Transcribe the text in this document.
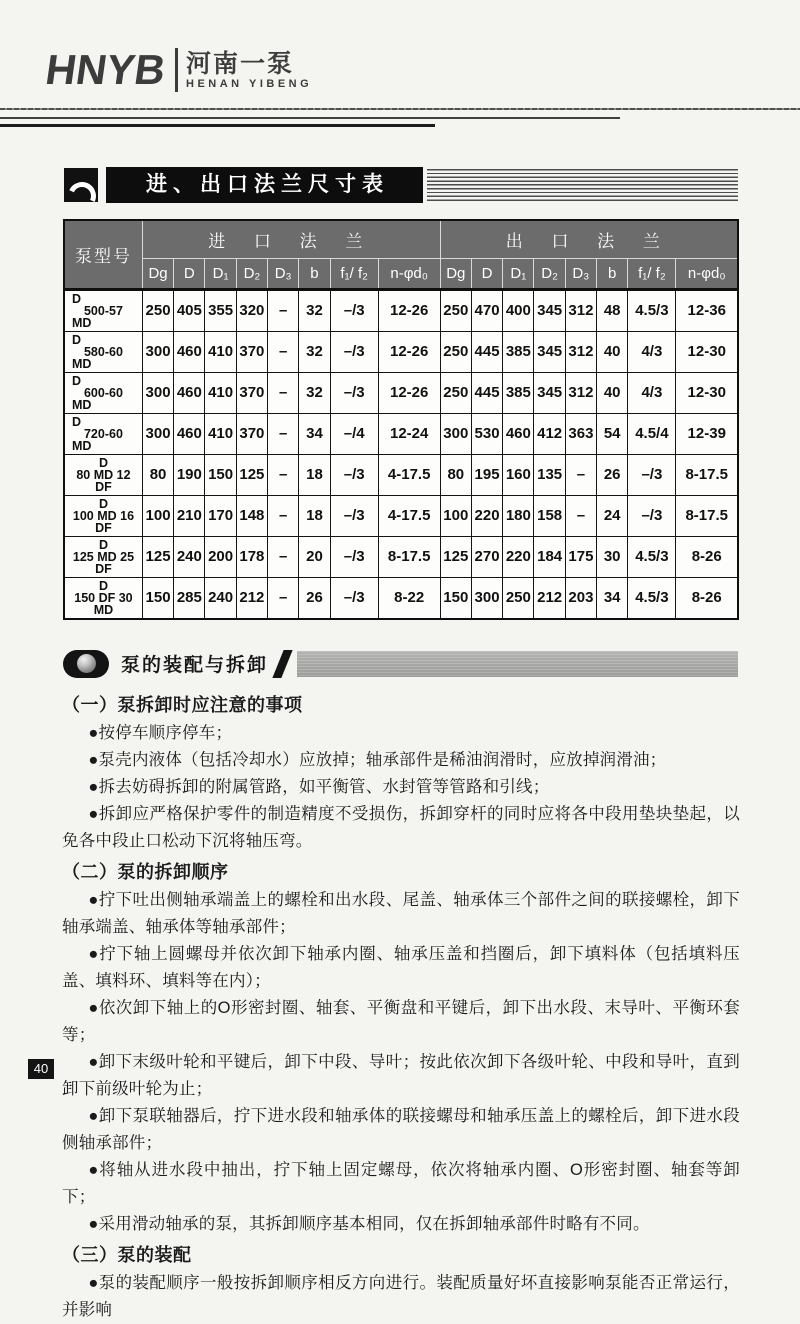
HNYB 河南一泵
HENAN YIBENG
进、出口法兰尺寸表
泵型号	进 口 法 兰								出 口 法 兰							
	Dg	D	D₁	D₂	D₃	b	f₁/ f₂	n-φd₀	Dg	D	D₁	D₂	D₃	b	f₁/ f₂	n-φd₀

D
500-57
MD	250	405	355	320	–	32	–/3	12-26	250	470	400	345	312	48	4.5/3	12-36

D
580-60
MD	300	460	410	370	–	32	–/3	12-26	250	445	385	345	312	40	4/3	12-30

D
600-60
MD	300	460	410	370	–	32	–/3	12-26	250	445	385	345	312	40	4/3	12-30

D
720-60
MD	300	460	410	370	–	34	–/4	12-24	300	530	460	412	363	54	4.5/4	12-39

D
80 MD 12
DF	80	190	150	125	–	18	–/3	4-17.5	80	195	160	135	–	26	–/3	8-17.5

D
100 MD 16
DF	100	210	170	148	–	18	–/3	4-17.5	100	220	180	158	–	24	–/3	8-17.5

D
125 MD 25
DF	125	240	200	178	–	20	–/3	8-17.5	125	270	220	184	175	30	4.5/3	8-26

D
150 DF 30
MD	150	285	240	212	–	26	–/3	8-22	150	300	250	212	203	34	4.5/3	8-26
泵的装配与拆卸
（一）泵拆卸时应注意的事项
●按停车顺序停车；
●泵壳内液体（包括冷却水）应放掉；轴承部件是稀油润滑时，应放掉润滑油；
●拆去妨碍拆卸的附属管路，如平衡管、水封管等管路和引线；
●拆卸应严格保护零件的制造精度不受损伤，拆卸穿杆的同时应将各中段用垫块垫起，以免各中段止口松动下沉将轴压弯。
（二）泵的拆卸顺序
●拧下吐出侧轴承端盖上的螺栓和出水段、尾盖、轴承体三个部件之间的联接螺栓，卸下轴承端盖、轴承体等轴承部件；
●拧下轴上圆螺母并依次卸下轴承内圈、轴承压盖和挡圈后，卸下填料体（包括填料压盖、填料环、填料等在内）；
●依次卸下轴上的O形密封圈、轴套、平衡盘和平键后，卸下出水段、末导叶、平衡环套等；
●卸下末级叶轮和平键后，卸下中段、导叶；按此依次卸下各级叶轮、中段和导叶，直到卸下前级叶轮为止；
●卸下泵联轴器后，拧下进水段和轴承体的联接螺母和轴承压盖上的螺栓后，卸下进水段侧轴承部件；
●将轴从进水段中抽出，拧下轴上固定螺母，依次将轴承内圈、O形密封圈、轴套等卸下；
●采用滑动轴承的泵，其拆卸顺序基本相同，仅在拆卸轴承部件时略有不同。
（三）泵的装配
●泵的装配顺序一般按拆卸顺序相反方向进行。装配质量好坏直接影响泵能否正常运行，并影响
40
